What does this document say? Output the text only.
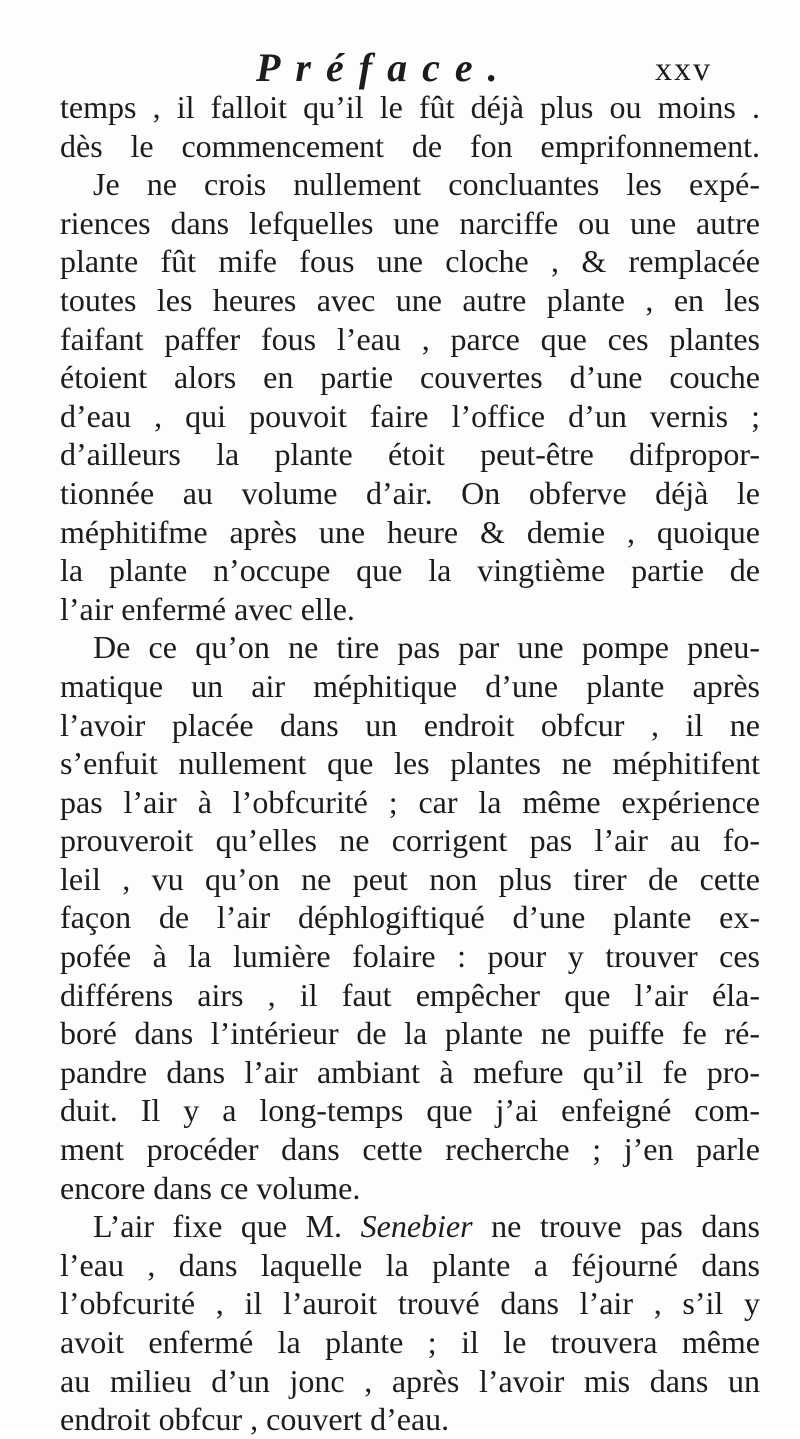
Préface.	xxv
temps , il falloit qu’il le fût déjà plus ou moins .
dès le commencement de fon emprifonnement.
Je ne crois nullement concluantes les expé-
riences dans lefquelles une narciffe ou une autre
plante fût mife fous une cloche , & remplacée
toutes les heures avec une autre plante , en les
faifant paffer fous l’eau , parce que ces plantes
étoient alors en partie couvertes d’une couche
d’eau , qui pouvoit faire l’office d’un vernis ;
d’ailleurs la plante étoit peut-être difpropor-
tionnée au volume d’air. On obferve déjà le
méphitifme après une heure & demie , quoique
la plante n’occupe que la vingtième partie de
l’air enfermé avec elle.
De ce qu’on ne tire pas par une pompe pneu-
matique un air méphitique d’une plante après
l’avoir placée dans un endroit obfcur , il ne
s’enfuit nullement que les plantes ne méphitifent
pas l’air à l’obfcurité ; car la même expérience
prouveroit qu’elles ne corrigent pas l’air au fo-
leil , vu qu’on ne peut non plus tirer de cette
façon de l’air déphlogiftiqué d’une plante ex-
pofée à la lumière folaire : pour y trouver ces
différens airs , il faut empêcher que l’air éla-
boré dans l’intérieur de la plante ne puiffe fe ré-
pandre dans l’air ambiant à mefure qu’il fe pro-
duit. Il y a long-temps que j’ai enfeigné com-
ment procéder dans cette recherche ; j’en parle
encore dans ce volume.
L’air fixe que M. Senebier ne trouve pas dans
l’eau , dans laquelle la plante a féjourné dans
l’obfcurité , il l’auroit trouvé dans l’air , s’il y
avoit enfermé la plante ; il le trouvera même
au milieu d’un jonc , après l’avoir mis dans un
endroit obfcur , couvert d’eau.
